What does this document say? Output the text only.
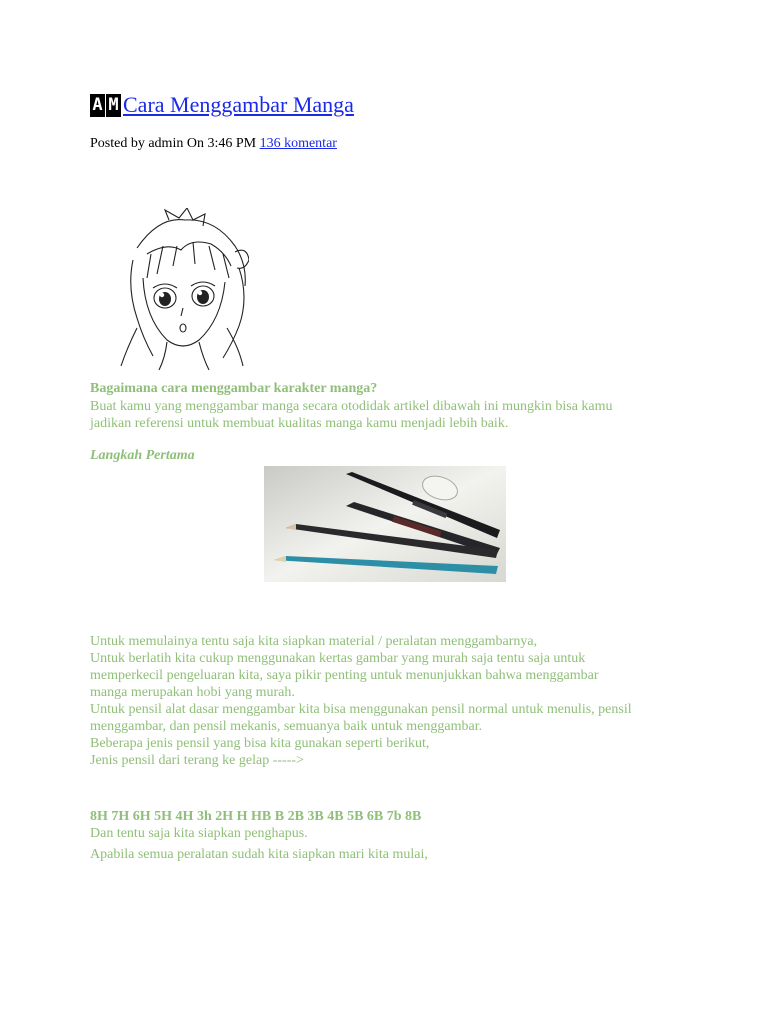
A M Cara Menggambar Manga
Posted by admin On 3:46 PM 136 komentar
Bagaimana cara menggambar karakter manga?
Buat kamu yang menggambar manga secara otodidak artikel dibawah ini mungkin bisa kamu
jadikan referensi untuk membuat kualitas manga kamu menjadi lebih baik.
Langkah Pertama
Untuk memulainya tentu saja kita siapkan material / peralatan menggambarnya,
Untuk berlatih kita cukup menggunakan kertas gambar yang murah saja tentu saja untuk
memperkecil pengeluaran kita, saya pikir penting untuk menunjukkan bahwa menggambar
manga merupakan hobi yang murah.
Untuk pensil alat dasar menggambar kita bisa menggunakan pensil normal untuk menulis, pensil
menggambar, dan pensil mekanis, semuanya baik untuk menggambar.
Beberapa jenis pensil yang bisa kita gunakan seperti berikut,
Jenis pensil dari terang ke gelap ----->
8H 7H 6H 5H 4H 3h 2H H HB B 2B 3B 4B 5B 6B 7b 8B
Dan tentu saja kita siapkan penghapus.
Apabila semua peralatan sudah kita siapkan mari kita mulai,
